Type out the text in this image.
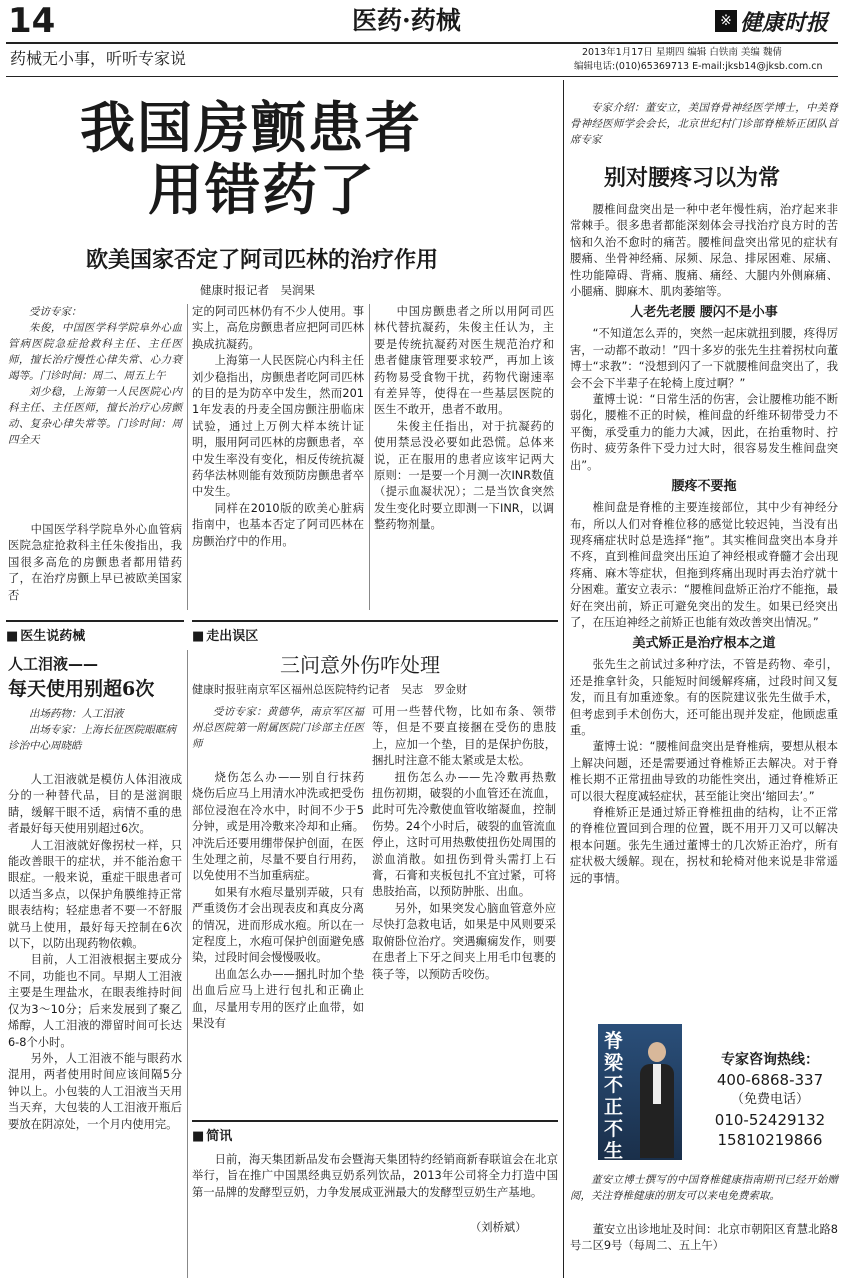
14	医药·药械	※ 健康时报
药械无小事，听听专家说	2013年1月17日 星期四 编辑 白铁南 美编 魏倩
编辑电话:(010)65369713 E-mail:jksb14@jksb.com.cn
我国房颤患者
用错药了
欧美国家否定了阿司匹林的治疗作用
健康时报记者　吴润果

受访专家：

朱俊，中国医学科学院阜外心血管病医院急症抢救科主任、主任医师，擅长治疗慢性心律失常、心力衰竭等。门诊时间：周二、周五上午

刘少稳，上海第一人民医院心内科主任、主任医师，擅长治疗心房颤动、复杂心律失常等。门诊时间：周四全天

中国医学科学院阜外心血管病医院急症抢救科主任朱俊指出，我国很多高危的房颤患者都用错药了，在治疗房颤上早已被欧美国家否

定的阿司匹林仍有不少人使用。事实上，高危房颤患者应把阿司匹林换成抗凝药。

上海第一人民医院心内科主任刘少稳指出，房颤患者吃阿司匹林的目的是为防卒中发生，然而2011年发表的丹麦全国房颤注册临床试验，通过上万例大样本统计证明，服用阿司匹林的房颤患者，卒中发生率没有变化，相反传统抗凝药华法林则能有效预防房颤患者卒中发生。

同样在2010版的欧美心脏病指南中，也基本否定了阿司匹林在房颤治疗中的作用。

中国房颤患者之所以用阿司匹林代替抗凝药，朱俊主任认为，主要是传统抗凝药对医生规范治疗和患者健康管理要求较严，再加上该药物易受食物干扰，药物代谢速率有差异等，使得在一些基层医院的医生不敢开，患者不敢用。

朱俊主任指出，对于抗凝药的使用禁忌没必要如此恐慌。总体来说，正在服用的患者应该牢记两大原则：一是要一个月测一次INR数值（提示血凝状况）；二是当饮食突然发生变化时要立即测一下INR，以调整药物剂量。

■ 医生说药械
人工泪液——
每天使用别超6次

出场药物：人工泪液

出场专家：上海长征医院眼眶病诊治中心周晓皓

人工泪液就是模仿人体泪液成分的一种替代品，目的是滋润眼睛，缓解干眼不适，病情不重的患者最好每天使用别超过6次。

人工泪液就好像拐杖一样，只能改善眼干的症状，并不能治愈干眼症。一般来说，重症干眼患者可以适当多点，以保护角膜维持正常眼表结构；轻症患者不要一不舒服就马上使用，最好每天控制在6次以下，以防出现药物依赖。

目前，人工泪液根据主要成分不同，功能也不同。早期人工泪液主要是生理盐水，在眼表维持时间仅为3～10分；后来发展到了聚乙烯醇，人工泪液的滞留时间可长达6-8个小时。

另外，人工泪液不能与眼药水混用，两者使用时间应该间隔5分钟以上。小包装的人工泪液当天用当天弃，大包装的人工泪液开瓶后要放在阴凉处，一个月内使用完。

■ 走出误区
三问意外伤咋处理
健康时报驻南京军区福州总医院特约记者　吴志　罗金财
受访专家：黄德华，南京军区福州总医院第一附属医院门诊部主任医师

烧伤怎么办——别自行抹药 烧伤后应马上用清水冲洗或把受伤部位浸泡在冷水中，时间不少于5分钟，或是用冷敷来冷却和止痛。冲洗后还要用绷带保护创面，在医生处理之前，尽量不要自行用药，以免使用不当加重病症。

如果有水疱尽量别弄破，只有严重烫伤才会出现表皮和真皮分离的情况，进而形成水疱。所以在一定程度上，水疱可保护创面避免感染，过段时间会慢慢吸收。

出血怎么办——捆扎时加个垫 出血后应马上进行包扎和正确止血，尽量用专用的医疗止血带，如果没有

可用一些替代物，比如布条、领带等，但是不要直接捆在受伤的患肢上，应加一个垫，目的是保护伤肢，捆扎时注意不能太紧或是太松。

扭伤怎么办——先冷敷再热敷 扭伤初期，破裂的小血管还在流血，此时可先冷敷使血管收缩凝血，控制伤势。24个小时后，破裂的血管流血停止，这时可用热敷使扭伤处周围的淤血消散。如扭伤到骨头需打上石膏，石膏和夹板包扎不宜过紧，可将患肢抬高，以预防肿胀、出血。

另外，如果突发心脑血管意外应尽快打急救电话，如果是中风则要采取俯卧位治疗。突遇癫痫发作，则要在患者上下牙之间夹上用毛巾包裹的筷子等，以预防舌咬伤。

■ 简讯

日前，海天集团新品发布会暨海天集团特约经销商新春联谊会在北京举行，旨在推广中国黑经典豆奶系列饮品，2013年公司将全力打造中国第一品牌的发酵型豆奶，力争发展成亚洲最大的发酵型豆奶生产基地。

（刘桥斌）
专家介绍：董安立，美国脊骨神经医学博士，中美脊骨神经医师学会会长，北京世纪村门诊部脊椎矫正团队首席专家
别对腰疼习以为常

腰椎间盘突出是一种中老年慢性病，治疗起来非常棘手。很多患者都能深刻体会寻找治疗良方时的苦恼和久治不愈时的痛苦。腰椎间盘突出常见的症状有腰痛、坐骨神经痛、尿频、尿急、排尿困难、尿痛、性功能障碍、背痛、腹痛、痛经、大腿内外侧麻痛、小腿痛、脚麻木、肌肉萎缩等。

人老先老腰 腰闪不是小事

“不知道怎么弄的，突然一起床就扭到腰，疼得厉害，一动都不敢动！”四十多岁的张先生拄着拐杖向董博士“求教”：“没想到闪了一下就腰椎间盘突出了，我会不会下半辈子在轮椅上度过啊？”

董博士说：“日常生活的伤害，会让腰椎功能不断弱化，腰椎不正的时候，椎间盘的纤维环韧带受力不平衡，承受重力的能力大减，因此，在抬重物时、拧伤时、疲劳条件下受力过大时，很容易发生椎间盘突出”。

腰疼不要拖

椎间盘是脊椎的主要连接部位，其中少有神经分布，所以人们对脊椎位移的感觉比较迟钝，当没有出现疼痛症状时总是选择“拖”。其实椎间盘突出本身并不疼，直到椎间盘突出压迫了神经根或脊髓才会出现疼痛、麻木等症状，但拖到疼痛出现时再去治疗就十分困难。董安立表示：“腰椎间盘矫正治疗不能拖，最好在突出前，矫正可避免突出的发生。如果已经突出了，在压迫神经之前矫正也能有效改善突出情况。”

美式矫正是治疗根本之道

张先生之前试过多种疗法，不管是药物、牵引，还是推拿针灸，只能短时间缓解疼痛，过段时间又复发，而且有加重迹象。有的医院建议张先生做手术，但考虑到手术创伤大，还可能出现并发症，他顾虑重重。

董博士说：“腰椎间盘突出是脊椎病，要想从根本上解决问题，还是需要通过脊椎矫正去解决。对于脊椎长期不正常扭曲导致的功能性突出，通过脊椎矫正可以很大程度减轻症状，甚至能让突出‘缩回去’。”

脊椎矫正是通过矫正脊椎扭曲的结构，让不正常的脊椎位置回到合理的位置，既不用开刀又可以解决根本问题。张先生通过董博士的几次矫正治疗，所有症状极大缓解。现在，拐杖和轮椅对他来说是非常遥远的事情。

脊梁不正不生
专家咨询热线：
400-6868-337
（免费电话）
010-52429132
15810219866
董安立博士撰写的中国脊椎健康指南期刊已经开始赠阅，关注脊椎健康的朋友可以来电免费索取。

董安立出诊地址及时间：北京市朝阳区育慧北路8号二区9号（每周二、五上午）
